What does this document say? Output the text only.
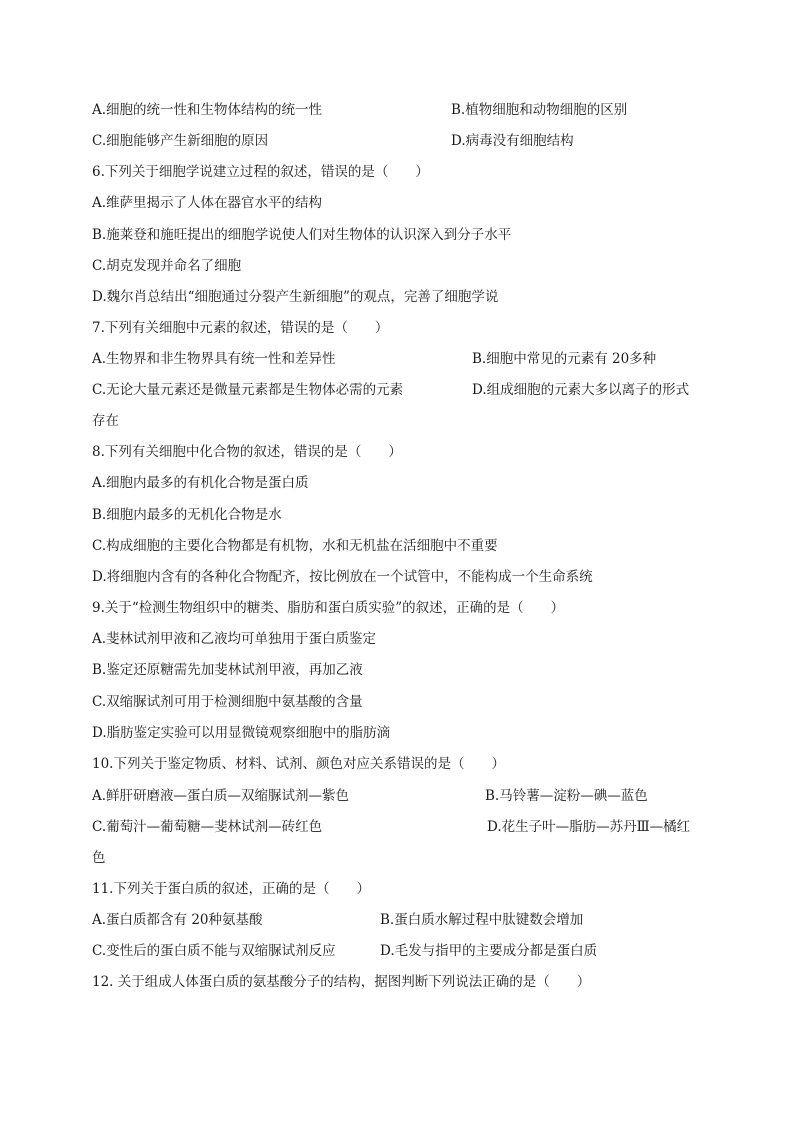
A.细胞的统一性和生物体结构的统一性	B.植物细胞和动物细胞的区别
C.细胞能够产生新细胞的原因	D.病毒没有细胞结构
6.下列关于细胞学说建立过程的叙述，错误的是（　　）
A.维萨里揭示了人体在器官水平的结构
B.施莱登和施旺提出的细胞学说使人们对生物体的认识深入到分子水平
C.胡克发现并命名了细胞
D.魏尔肖总结出“细胞通过分裂产生新细胞”的观点，完善了细胞学说
7.下列有关细胞中元素的叙述，错误的是（　　）
A.生物界和非生物界具有统一性和差异性	B.细胞中常见的元素有 20多种
C.无论大量元素还是微量元素都是生物体必需的元素	D.组成细胞的元素大多以离子的形式
存在
8.下列有关细胞中化合物的叙述，错误的是（　　）
A.细胞内最多的有机化合物是蛋白质
B.细胞内最多的无机化合物是水
C.构成细胞的主要化合物都是有机物，水和无机盐在活细胞中不重要
D.将细胞内含有的各种化合物配齐，按比例放在一个试管中，不能构成一个生命系统
9.关于“检测生物组织中的糖类、脂肪和蛋白质实验”的叙述，正确的是（　　）
A.斐林试剂甲液和乙液均可单独用于蛋白质鉴定
B.鉴定还原糖需先加斐林试剂甲液，再加乙液
C.双缩脲试剂可用于检测细胞中氨基酸的含量
D.脂肪鉴定实验可以用显微镜观察细胞中的脂肪滴
10.下列关于鉴定物质、材料、试剂、颜色对应关系错误的是（　　）
A.鲜肝研磨液—蛋白质—双缩脲试剂—紫色	B.马铃薯—淀粉—碘—蓝色
C.葡萄汁—葡萄糖—斐林试剂—砖红色	D.花生子叶—脂肪—苏丹Ⅲ—橘红
色
11.下列关于蛋白质的叙述，正确的是（　　）
A.蛋白质都含有 20种氨基酸	B.蛋白质水解过程中肽键数会增加
C.变性后的蛋白质不能与双缩脲试剂反应	D.毛发与指甲的主要成分都是蛋白质
12. 关于组成人体蛋白质的氨基酸分子的结构，据图判断下列说法正确的是（　　）
